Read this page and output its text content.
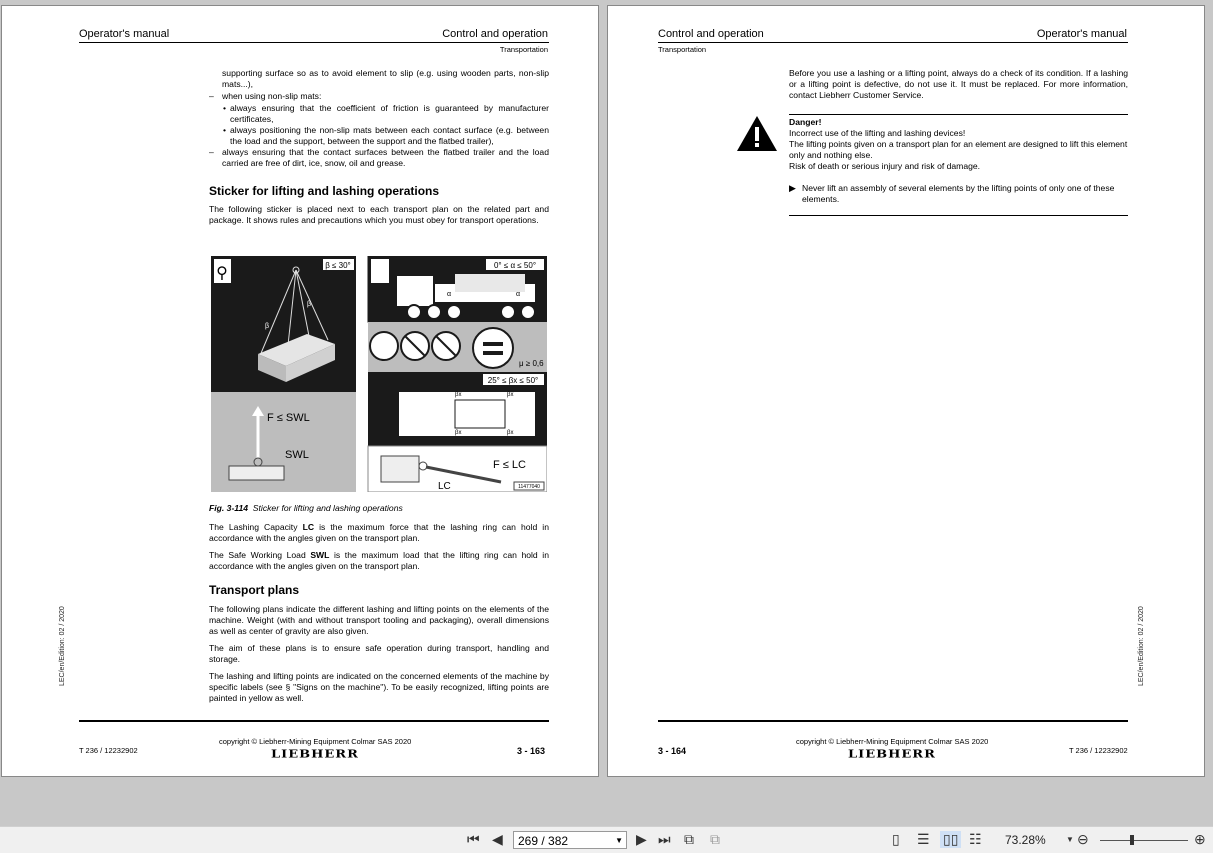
Operator's manual	Control and operation
Transportation
supporting surface so as to avoid element to slip (e.g. using wooden parts, non-slip mats...),
– when using non-slip mats:
• always ensuring that the coefficient of friction is guaranteed by manufacturer certificates,
• always positioning the non-slip mats between each contact surface (e.g. between the load and the support, between the support and the flatbed trailer),
– always ensuring that the contact surfaces between the flatbed trailer and the load carried are free of dirt, ice, snow, oil and grease.
Sticker for lifting and lashing operations

The following sticker is placed next to each transport plan on the related part and package. It shows rules and precautions which you must obey for transport operations.

⚲	β ≤ 30°
β
β
F ≤ SWL
SWL
0° ≤ α ≤ 50°
α	α
μ ≥ 0,6
25° ≤ βx ≤ 50°
βx	βx
βx	βx
F ≤ LC
LC	11477040
Fig. 3-114 Sticker for lifting and lashing operations

The Lashing Capacity LC is the maximum force that the lashing ring can hold in accordance with the angles given on the transport plan.

The Safe Working Load SWL is the maximum load that the lifting ring can hold in accordance with the angles given on the transport plan.

Transport plans

The following plans indicate the different lashing and lifting points on the elements of the machine. Weight (with and without transport tooling and packaging), overall dimensions as well as center of gravity are also given.

The aim of these plans is to ensure safe operation during transport, handling and storage.

The lashing and lifting points are indicated on the concerned elements of the machine by specific labels (see § "Signs on the machine"). To be easily recognized, lifting points are painted in yellow as well.

LEC/en/Edition: 02 / 2020
T 236 / 12232902
copyright © Liebherr-Mining Equipment Colmar SAS 2020
LIEBHERR	3 - 163
Control and operation	Operator's manual
Transportation

Before you use a lashing or a lifting point, always do a check of its condition. If a lashing or a lifting point is defective, do not use it. It must be replaced. For more information, contact Liebherr Customer Service.

Danger!
Incorrect use of the lifting and lashing devices!
The lifting points given on a transport plan for an element are designed to lift this element only and nothing else.
Risk of death or serious injury and risk of damage.
▶ Never lift an assembly of several elements by the lifting points of only one of these elements.
LEC/en/Edition: 02 / 2020
3 - 164
copyright © Liebherr-Mining Equipment Colmar SAS 2020
LIEBHERR	T 236 / 12232902
⏮ ◀	269 / 382	▼ ▶ ⏭ ⧉ ⧉	▯ ☰ ▯▯ ☷ 73.28%	▼ ⊖	⊕
